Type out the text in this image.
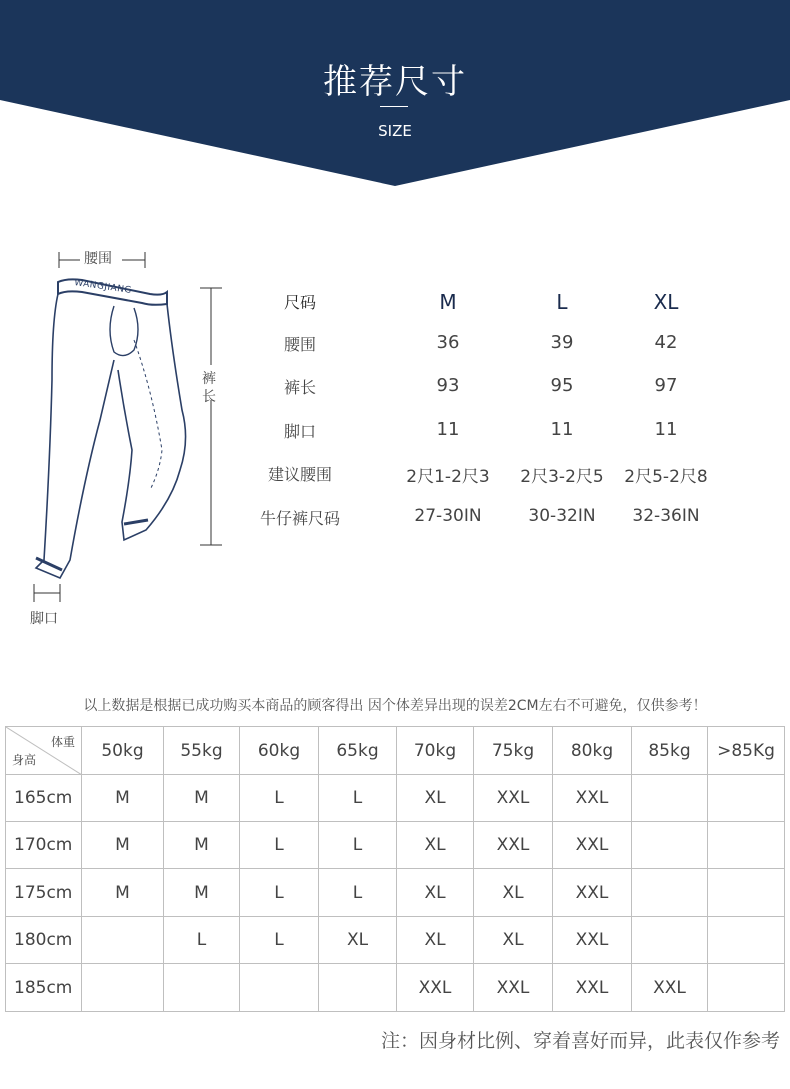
推荐尺寸
SIZE
腰围
WANGJIANG
裤
长
脚口
尺码	M	L	XL
腰围	36	39	42
裤长	93	95	97
脚口	11	11	11
建议腰围	2尺1-2尺3	2尺3-2尺5	2尺5-2尺8
牛仔裤尺码	27-30IN	30-32IN	32-36IN
以上数据是根据已成功购买本商品的顾客得出 因个体差异出现的误差2CM左右不可避免，仅供参考！
体重
身高	50kg	55kg	60kg	65kg	70kg	75kg	80kg	85kg	>85Kg
165cm	M	M	L	L	XL	XXL	XXL		
170cm	M	M	L	L	XL	XXL	XXL		
175cm	M	M	L	L	XL	XL	XXL		
180cm		L	L	XL	XL	XL	XXL		
185cm					XXL	XXL	XXL	XXL	
注：因身材比例、穿着喜好而异，此表仅作参考
